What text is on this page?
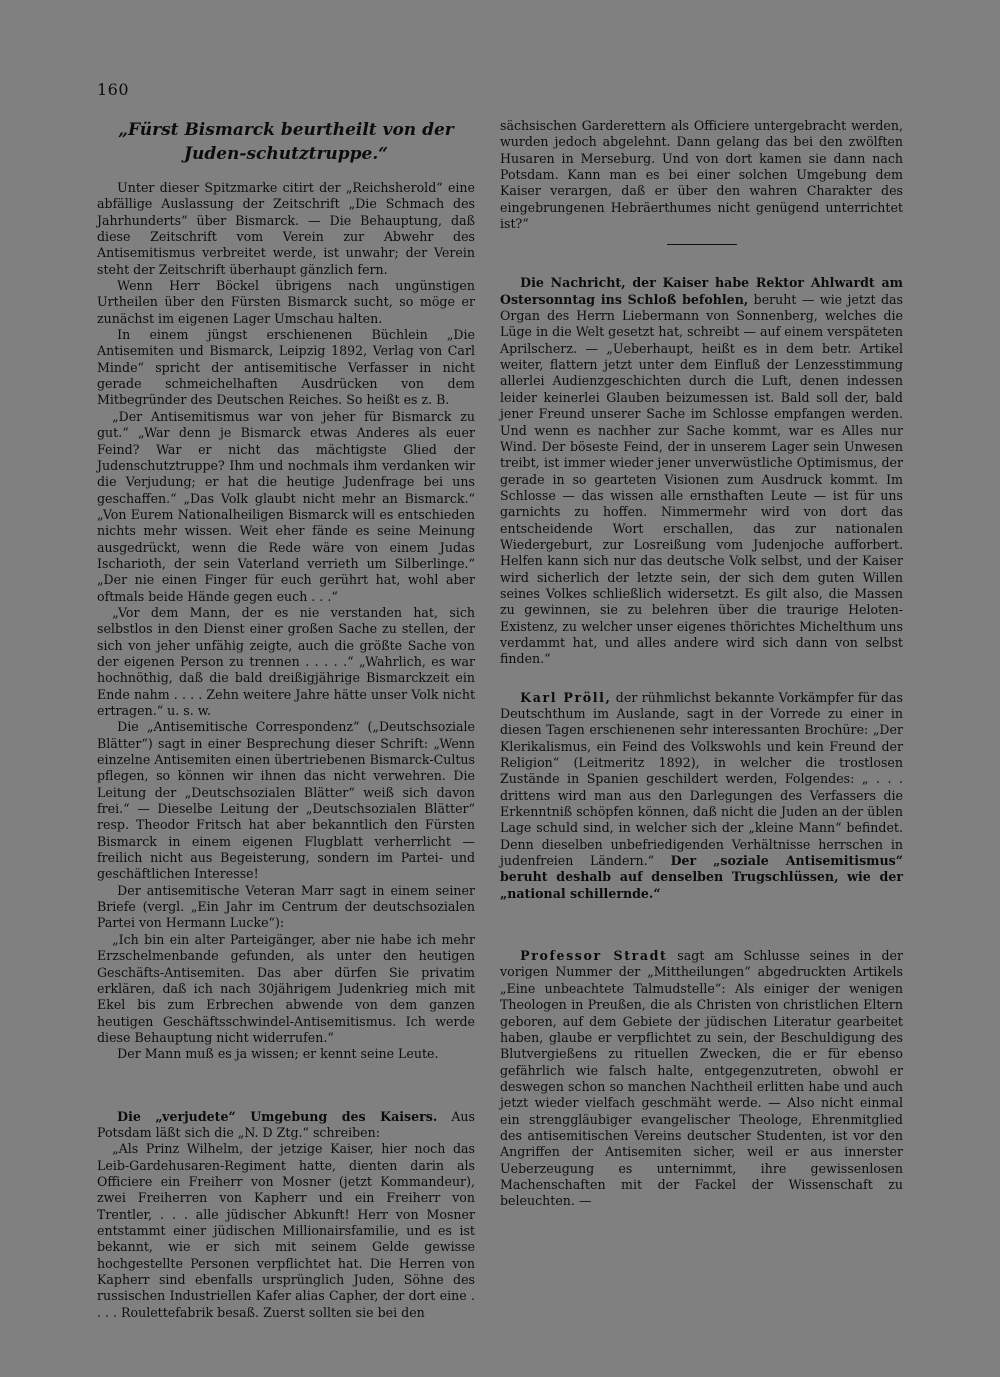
160
„Fürst Bismarck beurtheilt von der Juden-schutztruppe.“

Unter dieser Spitzmarke citirt der „Reichsherold“ eine abfällige Auslassung der Zeitschrift „Die Schmach des Jahrhunderts“ über Bismarck. — Die Behauptung, daß diese Zeitschrift vom Verein zur Abwehr des Antisemitismus verbreitet werde, ist unwahr; der Verein steht der Zeitschrift überhaupt gänzlich fern.

Wenn Herr Böckel übrigens nach ungünstigen Urtheilen über den Fürsten Bismarck sucht, so möge er zunächst im eigenen Lager Umschau halten.

In einem jüngst erschienenen Büchlein „Die Antisemiten und Bismarck, Leipzig 1892, Verlag von Carl Minde“ spricht der antisemitische Verfasser in nicht gerade schmeichelhaften Ausdrücken von dem Mitbegründer des Deutschen Reiches. So heißt es z. B.

„Der Antisemitismus war von jeher für Bismarck zu gut.“ „War denn je Bismarck etwas Anderes als euer Feind? War er nicht das mächtigste Glied der Judenschutztruppe? Ihm und nochmals ihm verdanken wir die Verjudung; er hat die heutige Judenfrage bei uns geschaffen.“ „Das Volk glaubt nicht mehr an Bismarck.“ „Von Eurem Nationalheiligen Bismarck will es entschieden nichts mehr wissen. Weit eher fände es seine Meinung ausgedrückt, wenn die Rede wäre von einem Judas Ischarioth, der sein Vaterland verrieth um Silberlinge.“ „Der nie einen Finger für euch gerührt hat, wohl aber oftmals beide Hände gegen euch . . .“

„Vor dem Mann, der es nie verstanden hat, sich selbstlos in den Dienst einer großen Sache zu stellen, der sich von jeher unfähig zeigte, auch die größte Sache von der eigenen Person zu trennen . . . . .“ „Wahrlich, es war hochnöthig, daß die bald dreißigjährige Bismarckzeit ein Ende nahm . . . . Zehn weitere Jahre hätte unser Volk nicht ertragen.“ u. s. w.

Die „Antisemitische Correspondenz“ („Deutschsoziale Blätter“) sagt in einer Besprechung dieser Schrift: „Wenn einzelne Antisemiten einen übertriebenen Bismarck-Cultus pflegen, so können wir ihnen das nicht verwehren. Die Leitung der „Deutschsozialen Blätter“ weiß sich davon frei.“ — Dieselbe Leitung der „Deutschsozialen Blätter“ resp. Theodor Fritsch hat aber bekanntlich den Fürsten Bismarck in einem eigenen Flugblatt verherrlicht — freilich nicht aus Begeisterung, sondern im Partei- und geschäftlichen Interesse!

Der antisemitische Veteran Marr sagt in einem seiner Briefe (vergl. „Ein Jahr im Centrum der deutschsozialen Partei von Hermann Lucke“):

„Ich bin ein alter Parteigänger, aber nie habe ich mehr Erzschelmenbande gefunden, als unter den heutigen Geschäfts-Antisemiten. Das aber dürfen Sie privatim erklären, daß ich nach 30jährigem Judenkrieg mich mit Ekel bis zum Erbrechen abwende von dem ganzen heutigen Geschäftsschwindel-Antisemitismus. Ich werde diese Behauptung nicht widerrufen.“

Der Mann muß es ja wissen; er kennt seine Leute.

Die „verjudete“ Umgebung des Kaisers. Aus Potsdam läßt sich die „N. D Ztg.“ schreiben:

„Als Prinz Wilhelm, der jetzige Kaiser, hier noch das Leib-Gardehusaren-Regiment hatte, dienten darin als Officiere ein Freiherr von Mosner (jetzt Kommandeur), zwei Freiherren von Kapherr und ein Freiherr von Trentler, . . . alle jüdischer Abkunft! Herr von Mosner entstammt einer jüdischen Millionairsfamilie, und es ist bekannt, wie er sich mit seinem Gelde gewisse hochgestellte Personen verpflichtet hat. Die Herren von Kapherr sind ebenfalls ursprünglich Juden, Söhne des russischen Industriellen Kafer alias Capher, der dort eine . . . . Roulettefabrik besaß. Zuerst sollten sie bei den

sächsischen Garderettern als Officiere untergebracht werden, wurden jedoch abgelehnt. Dann gelang das bei den zwölften Husaren in Merseburg. Und von dort kamen sie dann nach Potsdam. Kann man es bei einer solchen Umgebung dem Kaiser verargen, daß er über den wahren Charakter des eingebrungenen Hebräerthumes nicht genügend unterrichtet ist?“

Die Nachricht, der Kaiser habe Rektor Ahlwardt am Ostersonntag ins Schloß befohlen, beruht — wie jetzt das Organ des Herrn Liebermann von Sonnenberg, welches die Lüge in die Welt gesetzt hat, schreibt — auf einem verspäteten Aprilscherz. — „Ueberhaupt, heißt es in dem betr. Artikel weiter, flattern jetzt unter dem Einfluß der Lenzesstimmung allerlei Audienzgeschichten durch die Luft, denen indessen leider keinerlei Glauben beizumessen ist. Bald soll der, bald jener Freund unserer Sache im Schlosse empfangen werden. Und wenn es nachher zur Sache kommt, war es Alles nur Wind. Der böseste Feind, der in unserem Lager sein Unwesen treibt, ist immer wieder jener unverwüstliche Optimismus, der gerade in so gearteten Visionen zum Ausdruck kommt. Im Schlosse — das wissen alle ernsthaften Leute — ist für uns garnichts zu hoffen. Nimmermehr wird von dort das entscheidende Wort erschallen, das zur nationalen Wiedergeburt, zur Losreißung vom Judenjoche aufforbert. Helfen kann sich nur das deutsche Volk selbst, und der Kaiser wird sicherlich der letzte sein, der sich dem guten Willen seines Volkes schließlich widersetzt. Es gilt also, die Massen zu gewinnen, sie zu belehren über die traurige Heloten-Existenz, zu welcher unser eigenes thörichtes Michelthum uns verdammt hat, und alles andere wird sich dann von selbst finden.“

Karl Pröll, der rühmlichst bekannte Vorkämpfer für das Deutschthum im Auslande, sagt in der Vorrede zu einer in diesen Tagen erschienenen sehr interessanten Brochüre: „Der Klerikalismus, ein Feind des Volkswohls und kein Freund der Religion“ (Leitmeritz 1892), in welcher die trostlosen Zustände in Spanien geschildert werden, Folgendes: „ . . . drittens wird man aus den Darlegungen des Verfassers die Erkenntniß schöpfen können, daß nicht die Juden an der üblen Lage schuld sind, in welcher sich der „kleine Mann“ befindet. Denn dieselben unbefriedigenden Verhältnisse herrschen in judenfreien Ländern.“ Der „soziale Antisemitismus“ beruht deshalb auf denselben Trugschlüssen, wie der „national schillernde.“

Professor Stradt sagt am Schlusse seines in der vorigen Nummer der „Mittheilungen“ abgedruckten Artikels „Eine unbeachtete Talmudstelle“: Als einiger der wenigen Theologen in Preußen, die als Christen von christlichen Eltern geboren, auf dem Gebiete der jüdischen Literatur gearbeitet haben, glaube er verpflichtet zu sein, der Beschuldigung des Blutvergießens zu rituellen Zwecken, die er für ebenso gefährlich wie falsch halte, entgegenzutreten, obwohl er deswegen schon so manchen Nachtheil erlitten habe und auch jetzt wieder vielfach geschmäht werde. — Also nicht einmal ein strenggläubiger evangelischer Theologe, Ehrenmitglied des antisemitischen Vereins deutscher Studenten, ist vor den Angriffen der Antisemiten sicher, weil er aus innerster Ueberzeugung es unternimmt, ihre gewissenlosen Machenschaften mit der Fackel der Wissenschaft zu beleuchten. —
